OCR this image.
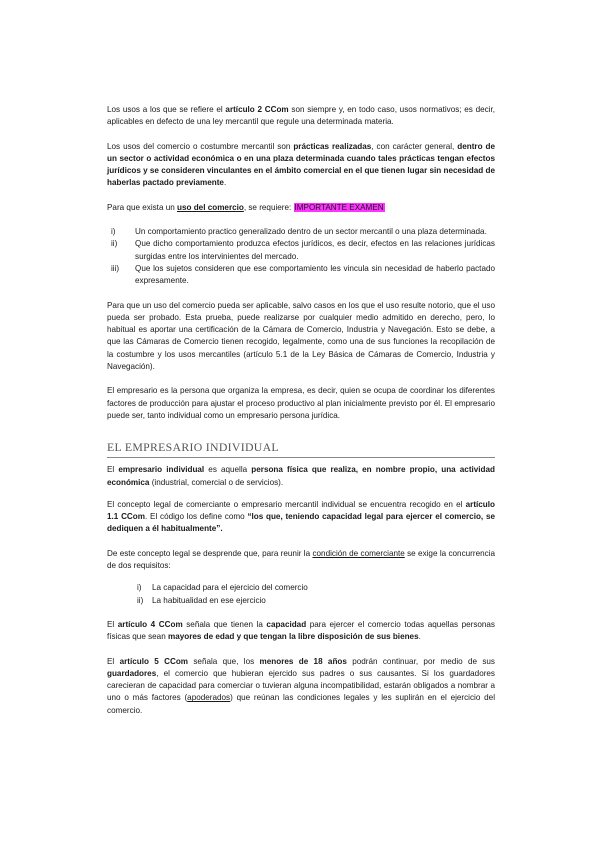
Los usos a los que se refiere el artículo 2 CCom son siempre y, en todo caso, usos normativos; es decir, aplicables en defecto de una ley mercantil que regule una determinada materia.

Los usos del comercio o costumbre mercantil son prácticas realizadas, con carácter general, dentro de un sector o actividad económica o en una plaza determinada cuando tales prácticas tengan efectos jurídicos y se consideren vinculantes en el ámbito comercial en el que tienen lugar sin necesidad de haberlas pactado previamente.

Para que exista un uso del comercio, se requiere: IMPORTANTE EXAMEN

i)	Un comportamiento practico generalizado dentro de un sector mercantil o una plaza determinada.
ii)	Que dicho comportamiento produzca efectos jurídicos, es decir, efectos en las relaciones jurídicas surgidas entre los intervinientes del mercado.
iii)	Que los sujetos consideren que ese comportamiento les vincula sin necesidad de haberlo pactado expresamente.

Para que un uso del comercio pueda ser aplicable, salvo casos en los que el uso resulte notorio, que el uso pueda ser probado. Esta prueba, puede realizarse por cualquier medio admitido en derecho, pero, lo habitual es aportar una certificación de la Cámara de Comercio, Industria y Navegación. Esto se debe, a que las Cámaras de Comercio tienen recogido, legalmente, como una de sus funciones la recopilación de la costumbre y los usos mercantiles (artículo 5.1 de la Ley Básica de Cámaras de Comercio, Industria y Navegación).

El empresario es la persona que organiza la empresa, es decir, quien se ocupa de coordinar los diferentes factores de producción para ajustar el proceso productivo al plan inicialmente previsto por él. El empresario puede ser, tanto individual como un empresario persona jurídica.

EL EMPRESARIO INDIVIDUAL

El empresario individual es aquella persona física que realiza, en nombre propio, una actividad económica (industrial, comercial o de servicios).

El concepto legal de comerciante o empresario mercantil individual se encuentra recogido en el artículo 1.1 CCom. El código los define como “los que, teniendo capacidad legal para ejercer el comercio, se dediquen a él habitualmente”.

De este concepto legal se desprende que, para reunir la condición de comerciante se exige la concurrencia de dos requisitos:

i)	La capacidad para el ejercicio del comercio
ii)	La habitualidad en ese ejercicio

El artículo 4 CCom señala que tienen la capacidad para ejercer el comercio todas aquellas personas físicas que sean mayores de edad y que tengan la libre disposición de sus bienes.

El artículo 5 CCom señala que, los menores de 18 años podrán continuar, por medio de sus guardadores, el comercio que hubieran ejercido sus padres o sus causantes. Si los guardadores carecieran de capacidad para comerciar o tuvieran alguna incompatibilidad, estarán obligados a nombrar a uno o más factores (apoderados) que reúnan las condiciones legales y les suplirán en el ejercicio del comercio.
